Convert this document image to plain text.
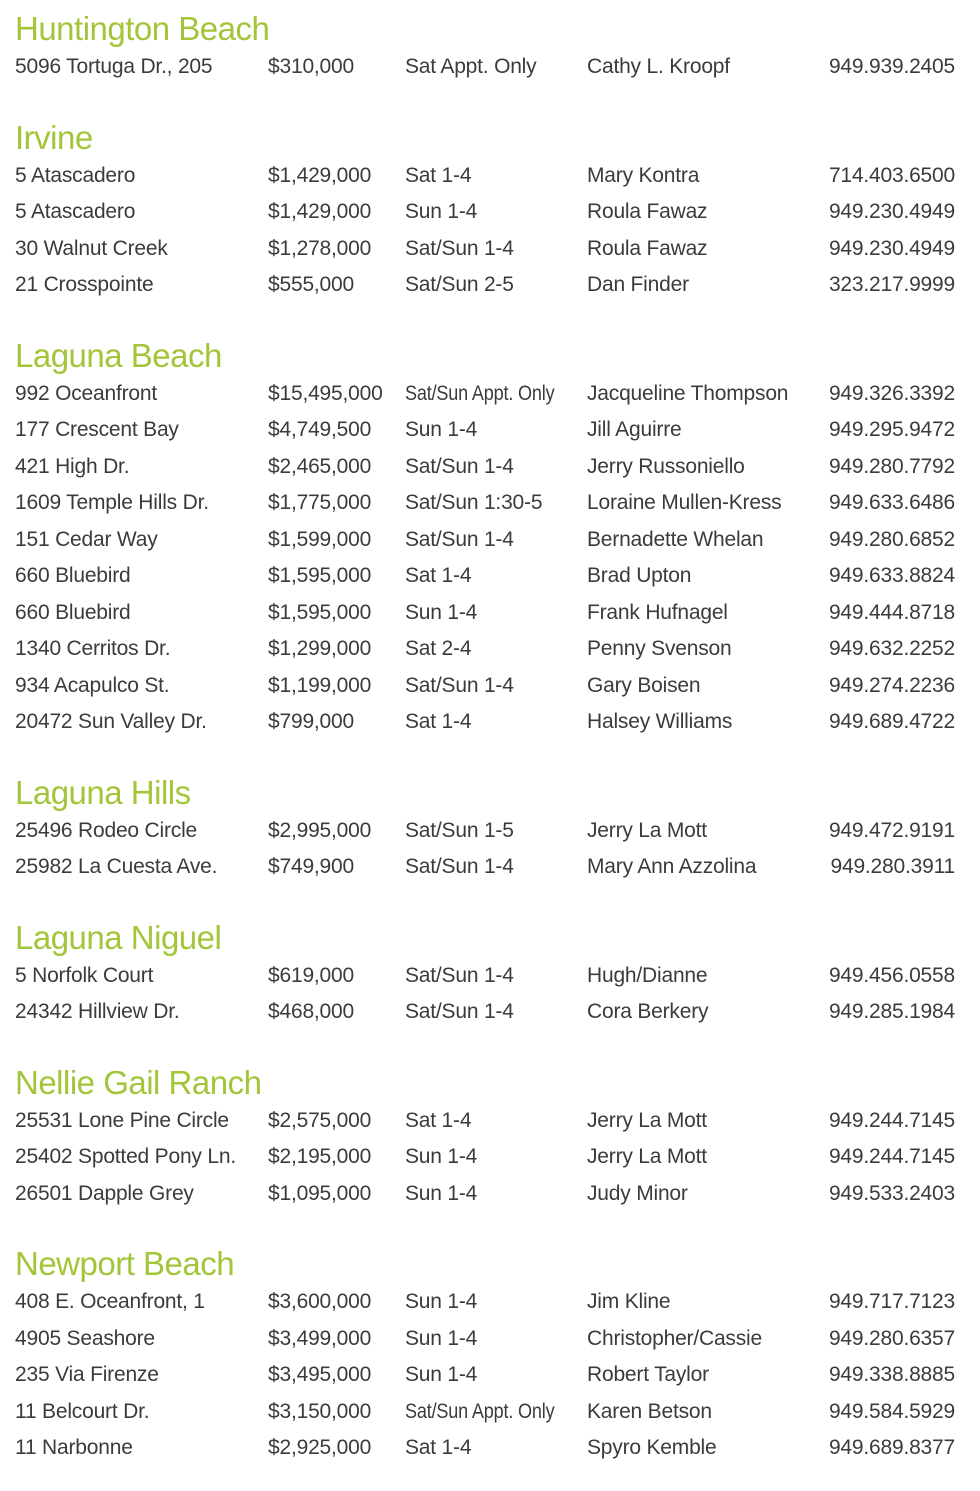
Huntington Beach
5096 Tortuga Dr., 205	$310,000	Sat Appt. Only	Cathy L. Kroopf	949.939.2405
Irvine
5 Atascadero	$1,429,000	Sat 1-4	Mary Kontra	714.403.6500
5 Atascadero	$1,429,000	Sun 1-4	Roula Fawaz	949.230.4949
30 Walnut Creek	$1,278,000	Sat/Sun 1-4	Roula Fawaz	949.230.4949
21 Crosspointe	$555,000	Sat/Sun 2-5	Dan Finder	323.217.9999
Laguna Beach
992 Oceanfront	$15,495,000	Sat/Sun Appt. Only	Jacqueline Thompson	949.326.3392
177 Crescent Bay	$4,749,500	Sun 1-4	Jill Aguirre	949.295.9472
421 High Dr.	$2,465,000	Sat/Sun 1-4	Jerry Russoniello	949.280.7792
1609 Temple Hills Dr.	$1,775,000	Sat/Sun 1:30-5	Loraine Mullen-Kress	949.633.6486
151 Cedar Way	$1,599,000	Sat/Sun 1-4	Bernadette Whelan	949.280.6852
660 Bluebird	$1,595,000	Sat 1-4	Brad Upton	949.633.8824
660 Bluebird	$1,595,000	Sun 1-4	Frank Hufnagel	949.444.8718
1340 Cerritos Dr.	$1,299,000	Sat 2-4	Penny Svenson	949.632.2252
934 Acapulco St.	$1,199,000	Sat/Sun 1-4	Gary Boisen	949.274.2236
20472 Sun Valley Dr.	$799,000	Sat 1-4	Halsey Williams	949.689.4722
Laguna Hills
25496 Rodeo Circle	$2,995,000	Sat/Sun 1-5	Jerry La Mott	949.472.9191
25982 La Cuesta Ave.	$749,900	Sat/Sun 1-4	Mary Ann Azzolina	949.280.3911
Laguna Niguel
5 Norfolk Court	$619,000	Sat/Sun 1-4	Hugh/Dianne	949.456.0558
24342 Hillview Dr.	$468,000	Sat/Sun 1-4	Cora Berkery	949.285.1984
Nellie Gail Ranch
25531 Lone Pine Circle	$2,575,000	Sat 1-4	Jerry La Mott	949.244.7145
25402 Spotted Pony Ln.	$2,195,000	Sun 1-4	Jerry La Mott	949.244.7145
26501 Dapple Grey	$1,095,000	Sun 1-4	Judy Minor	949.533.2403
Newport Beach
408 E. Oceanfront, 1	$3,600,000	Sun 1-4	Jim Kline	949.717.7123
4905 Seashore	$3,499,000	Sun 1-4	Christopher/Cassie	949.280.6357
235 Via Firenze	$3,495,000	Sun 1-4	Robert Taylor	949.338.8885
11 Belcourt Dr.	$3,150,000	Sat/Sun Appt. Only	Karen Betson	949.584.5929
11 Narbonne	$2,925,000	Sat 1-4	Spyro Kemble	949.689.8377
